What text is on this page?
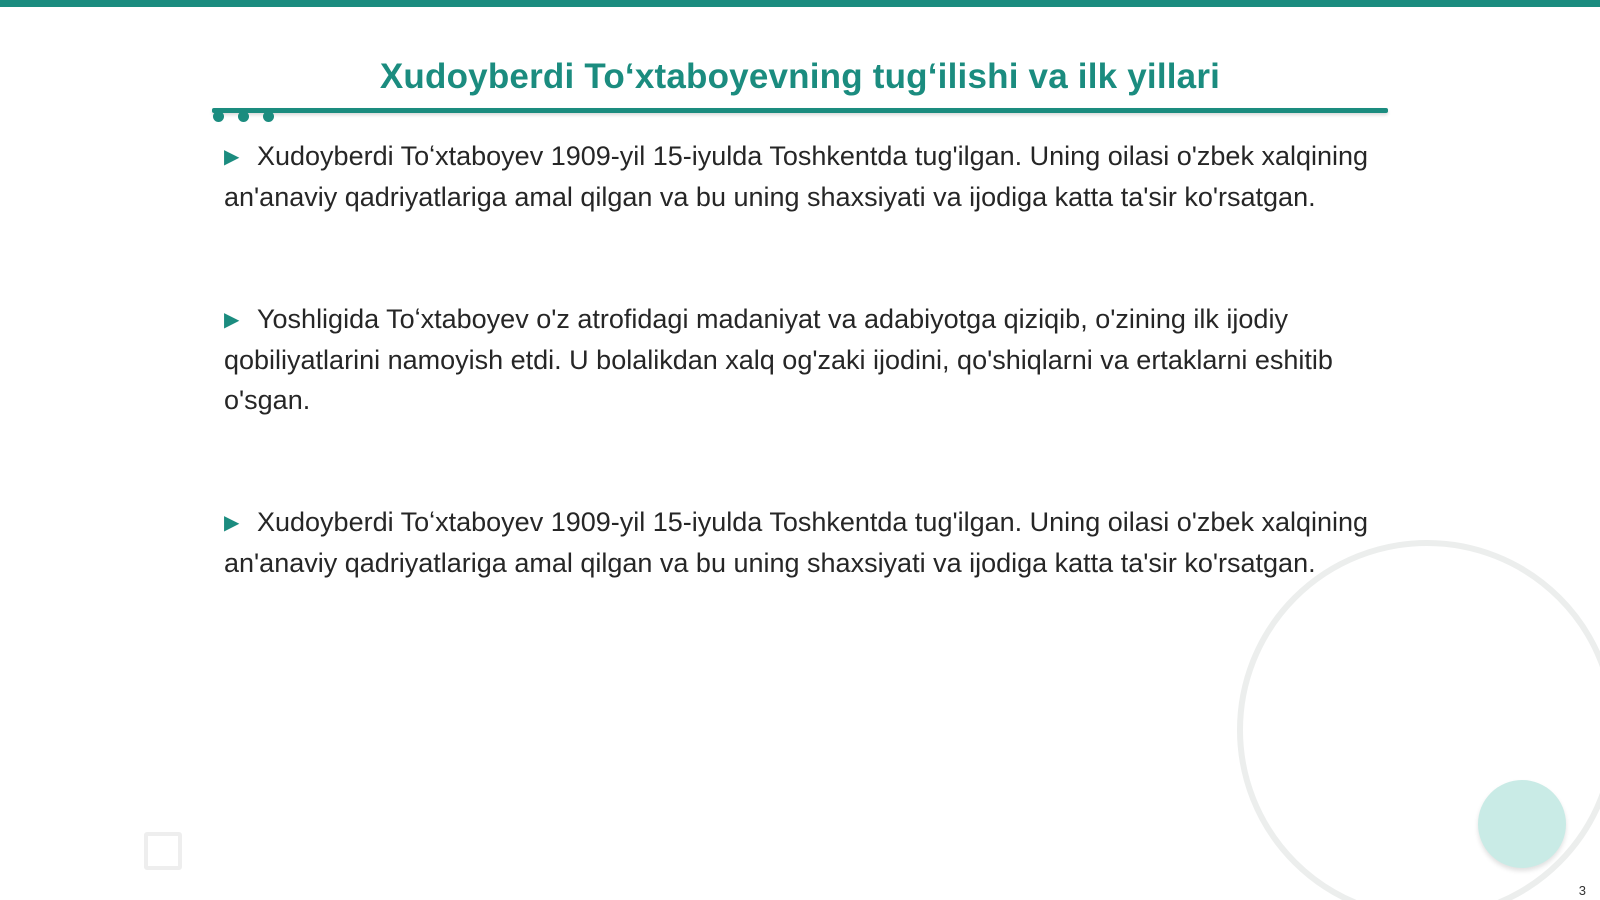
Xudoyberdi Toʻxtaboyevning tugʻilishi va ilk yillari
▶ Xudoyberdi Toʻxtaboyev 1909-yil 15-iyulda Toshkentda tug'ilgan. Uning oilasi o'zbek xalqining an'anaviy qadriyatlariga amal qilgan va bu uning shaxsiyati va ijodiga katta ta'sir ko'rsatgan.
▶ Yoshligida Toʻxtaboyev o'z atrofidagi madaniyat va adabiyotga qiziqib, o'zining ilk ijodiy qobiliyatlarini namoyish etdi. U bolalikdan xalq og'zaki ijodini, qo'shiqlarni va ertaklarni eshitib o'sgan.
▶ Xudoyberdi Toʻxtaboyev 1909-yil 15-iyulda Toshkentda tug'ilgan. Uning oilasi o'zbek xalqining an'anaviy qadriyatlariga amal qilgan va bu uning shaxsiyati va ijodiga katta ta'sir ko'rsatgan.
3
